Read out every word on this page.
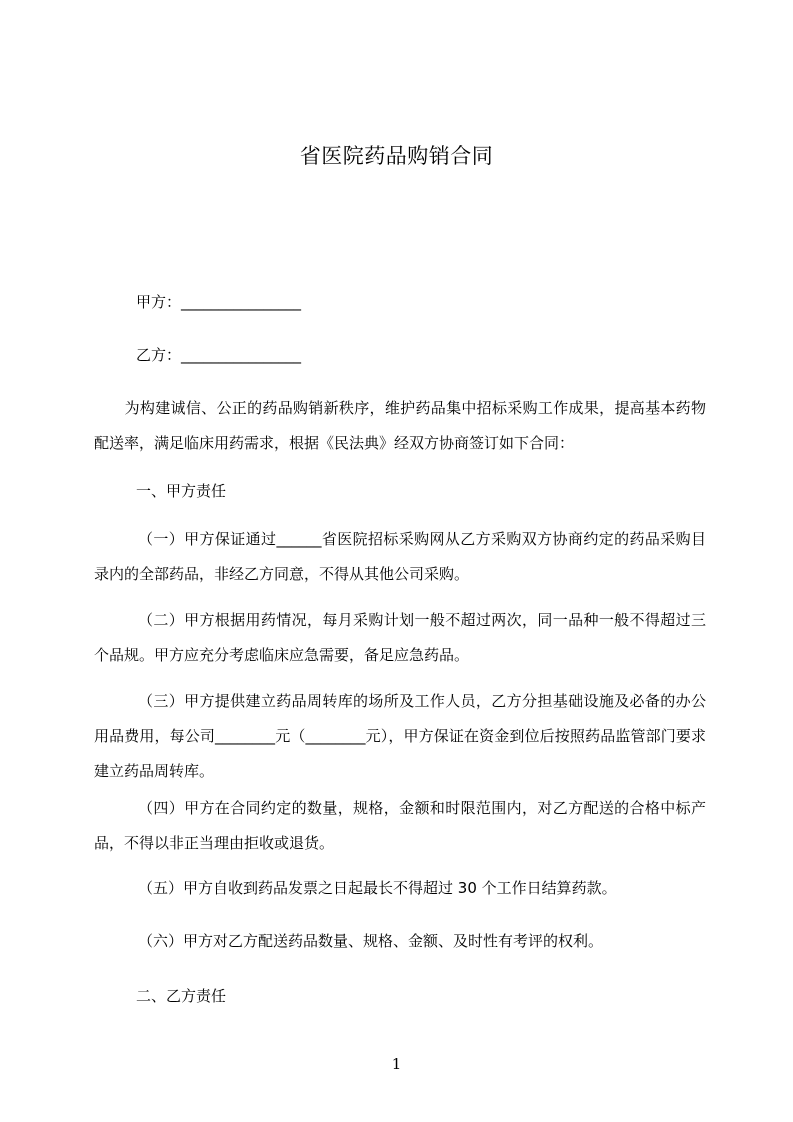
省医院药品购销合同
甲方：________________
乙方：________________
　　为构建诚信、公正的药品购销新秩序，维护药品集中招标采购工作成果，提高基本药物配送率，满足临床用药需求，根据《民法典》经双方协商签订如下合同：
一、甲方责任
（一）甲方保证通过______省医院招标采购网从乙方采购双方协商约定的药品采购目录内的全部药品，非经乙方同意，不得从其他公司采购。
（二）甲方根据用药情况，每月采购计划一般不超过两次，同一品种一般不得超过三个品规。甲方应充分考虑临床应急需要，备足应急药品。
（三）甲方提供建立药品周转库的场所及工作人员，乙方分担基础设施及必备的办公用品费用，每公司________元（________元），甲方保证在资金到位后按照药品监管部门要求建立药品周转库。
（四）甲方在合同约定的数量，规格，金额和时限范围内，对乙方配送的合格中标产品，不得以非正当理由拒收或退货。
（五）甲方自收到药品发票之日起最长不得超过 30 个工作日结算药款。
（六）甲方对乙方配送药品数量、规格、金额、及时性有考评的权利。
二、乙方责任
1
